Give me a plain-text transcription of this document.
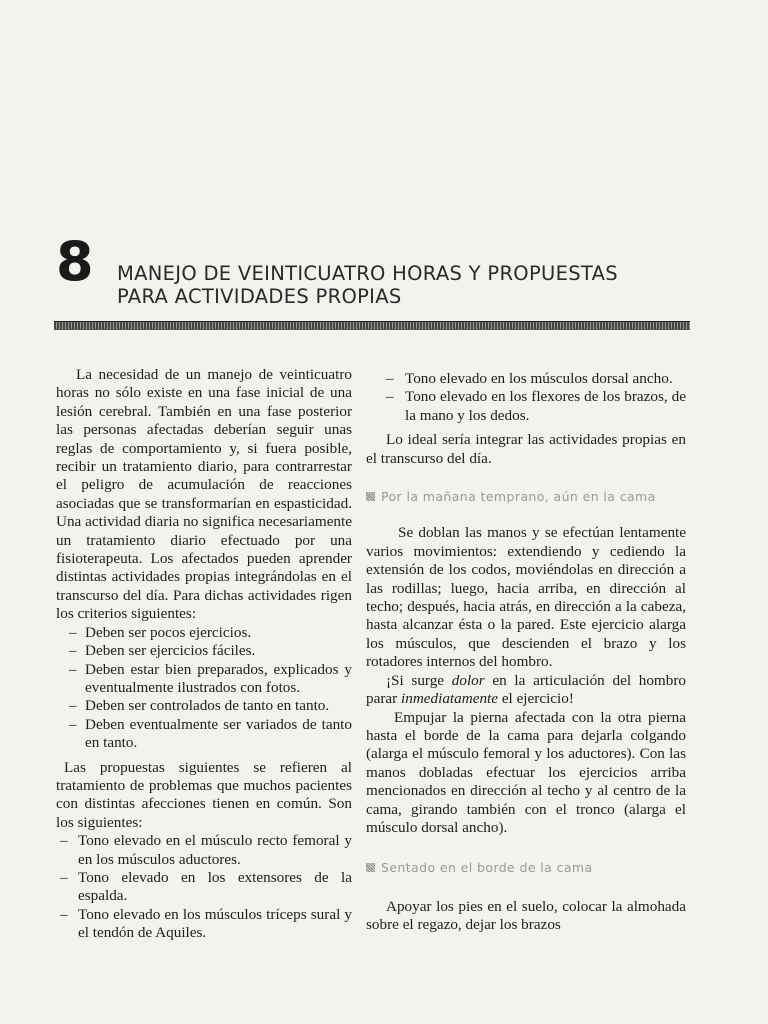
8 MANEJO DE VEINTICUATRO HORAS Y PROPUESTAS
PARA ACTIVIDADES PROPIAS

La necesidad de un manejo de veinticuatro horas no sólo existe en una fase inicial de una lesión cerebral. También en una fase posterior las personas afectadas deberían seguir unas reglas de comportamiento y, si fuera posible, recibir un tratamiento diario, para contrarrestar el peligro de acumulación de reacciones asociadas que se transformarían en espasticidad. Una actividad diaria no significa necesariamente un tratamiento diario efectuado por una fisioterapeuta. Los afectados pueden aprender distintas actividades propias integrándolas en el transcurso del día. Para dichas actividades rigen los criterios siguientes:

– Deben ser pocos ejercicios.
– Deben ser ejercicios fáciles.
– Deben estar bien preparados, explicados y eventualmente ilustrados con fotos.
– Deben ser controlados de tanto en tanto.
– Deben eventualmente ser variados de tanto en tanto.

Las propuestas siguientes se refieren al tratamiento de problemas que muchos pacientes con distintas afecciones tienen en común. Son los siguientes:

– Tono elevado en el músculo recto femoral y en los músculos aductores.
– Tono elevado en los extensores de la espalda.
– Tono elevado en los músculos tríceps sural y el tendón de Aquiles.
– Tono elevado en los músculos dorsal ancho.
– Tono elevado en los flexores de los brazos, de la mano y los dedos.

Lo ideal sería integrar las actividades propias en el transcurso del día.

Por la mañana temprano, aún en la cama

Se doblan las manos y se efectúan lentamente varios movimientos: extendiendo y cediendo la extensión de los codos, moviéndolas en dirección a las rodillas; luego, hacia arriba, en dirección al techo; después, hacia atrás, en dirección a la cabeza, hasta alcanzar ésta o la pared. Este ejercicio alarga los músculos, que descienden el brazo y los rotadores internos del hombro.

¡Si surge dolor en la articulación del hombro parar inmediatamente el ejercicio!

Empujar la pierna afectada con la otra pierna hasta el borde de la cama para dejarla colgando (alarga el músculo femoral y los aductores). Con las manos dobladas efectuar los ejercicios arriba mencionados en dirección al techo y al centro de la cama, girando también con el tronco (alarga el músculo dorsal ancho).

Sentado en el borde de la cama

Apoyar los pies en el suelo, colocar la almohada sobre el regazo, dejar los brazos
